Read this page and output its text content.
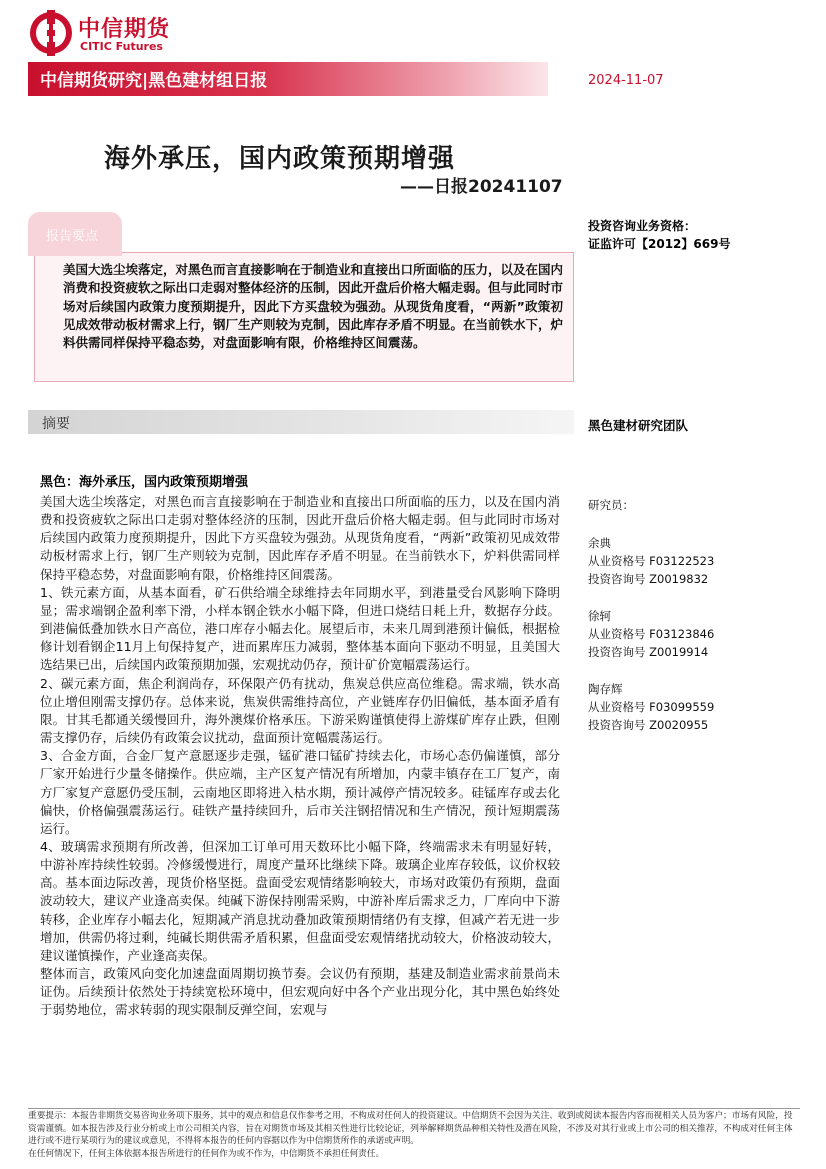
中信期货
CITIC Futures
中信期货研究|黑色建材组日报	2024-11-07
海外承压，国内政策预期增强
——日报20241107
美国大选尘埃落定，对黑色而言直接影响在于制造业和直接出口所面临的压力，以及在国内消费和投资疲软之际出口走弱对整体经济的压制，因此开盘后价格大幅走弱。但与此同时市场对后续国内政策力度预期提升，因此下方买盘较为强劲。从现货角度看，“两新”政策初见成效带动板材需求上行，钢厂生产则较为克制，因此库存矛盾不明显。在当前铁水下，炉料供需同样保持平稳态势，对盘面影响有限，价格维持区间震荡。
报告要点
投资咨询业务资格：
证监许可【2012】669号
摘要	黑色建材研究团队
黑色：海外承压，国内政策预期增强

美国大选尘埃落定，对黑色而言直接影响在于制造业和直接出口所面临的压力，以及在国内消费和投资疲软之际出口走弱对整体经济的压制，因此开盘后价格大幅走弱。但与此同时市场对后续国内政策力度预期提升，因此下方买盘较为强劲。从现货角度看，“两新”政策初见成效带动板材需求上行，钢厂生产则较为克制，因此库存矛盾不明显。在当前铁水下，炉料供需同样保持平稳态势，对盘面影响有限，价格维持区间震荡。

1、铁元素方面，从基本面看，矿石供给端全球维持去年同期水平，到港量受台风影响下降明显；需求端钢企盈利率下滑，小样本钢企铁水小幅下降，但进口烧结日耗上升，数据存分歧。到港偏低叠加铁水日产高位，港口库存小幅去化。展望后市，未来几周到港预计偏低，根据检修计划看钢企11月上旬保持复产，进而累库压力减弱，整体基本面向下驱动不明显，且美国大选结果已出，后续国内政策预期加强，宏观扰动仍存，预计矿价宽幅震荡运行。

2、碳元素方面，焦企利润尚存，环保限产仍有扰动，焦炭总供应高位维稳。需求端，铁水高位止增但刚需支撑仍存。总体来说，焦炭供需维持高位，产业链库存仍旧偏低，基本面矛盾有限。甘其毛都通关缓慢回升，海外澳煤价格承压。下游采购谨慎使得上游煤矿库存止跌，但刚需支撑仍存，后续仍有政策会议扰动，盘面预计宽幅震荡运行。

3、合金方面，合金厂复产意愿逐步走强，锰矿港口锰矿持续去化，市场心态仍偏谨慎，部分厂家开始进行少量冬储操作。供应端，主产区复产情况有所增加，内蒙丰镇存在工厂复产，南方厂家复产意愿仍受压制，云南地区即将进入枯水期，预计减停产情况较多。硅锰库存或去化偏快，价格偏强震荡运行。硅铁产量持续回升，后市关注钢招情况和生产情况，预计短期震荡运行。

4、玻璃需求预期有所改善，但深加工订单可用天数环比小幅下降，终端需求未有明显好转，中游补库持续性较弱。冷修缓慢进行，周度产量环比继续下降。玻璃企业库存较低，议价权较高。基本面边际改善，现货价格坚挺。盘面受宏观情绪影响较大，市场对政策仍有预期，盘面波动较大，建议产业逢高卖保。纯碱下游保持刚需采购，中游补库后需求乏力，厂库向中下游转移，企业库存小幅去化，短期减产消息扰动叠加政策预期情绪仍有支撑，但减产若无进一步增加，供需仍将过剩，纯碱长期供需矛盾积累，但盘面受宏观情绪扰动较大，价格波动较大，建议谨慎操作，产业逢高卖保。

整体而言，政策风向变化加速盘面周期切换节奏。会议仍有预期，基建及制造业需求前景尚未证伪。后续预计依然处于持续宽松环境中，但宏观向好中各个产业出现分化，其中黑色始终处于弱势地位，需求转弱的现实限制反弹空间，宏观与

研究员：
余典
从业资格号 F03122523
投资咨询号 Z0019832
徐轲
从业资格号 F03123846
投资咨询号 Z0019914
陶存辉
从业资格号 F03099559
投资咨询号 Z0020955

重要提示：本报告非期货交易咨询业务项下服务，其中的观点和信息仅作参考之用，不构成对任何人的投资建议。中信期货不会因为关注、收到或阅读本报告内容而视相关人员为客户；市场有风险，投资需谨慎。如本报告涉及行业分析或上市公司相关内容，旨在对期货市场及其相关性进行比较论证，列举解释期货品种相关特性及潜在风险，不涉及对其行业或上市公司的相关推荐，不构成对任何主体进行或不进行某项行为的建议或意见，不得将本报告的任何内容据以作为中信期货所作的承诺或声明。

在任何情况下，任何主体依据本报告所进行的任何作为或不作为，中信期货不承担任何责任。
